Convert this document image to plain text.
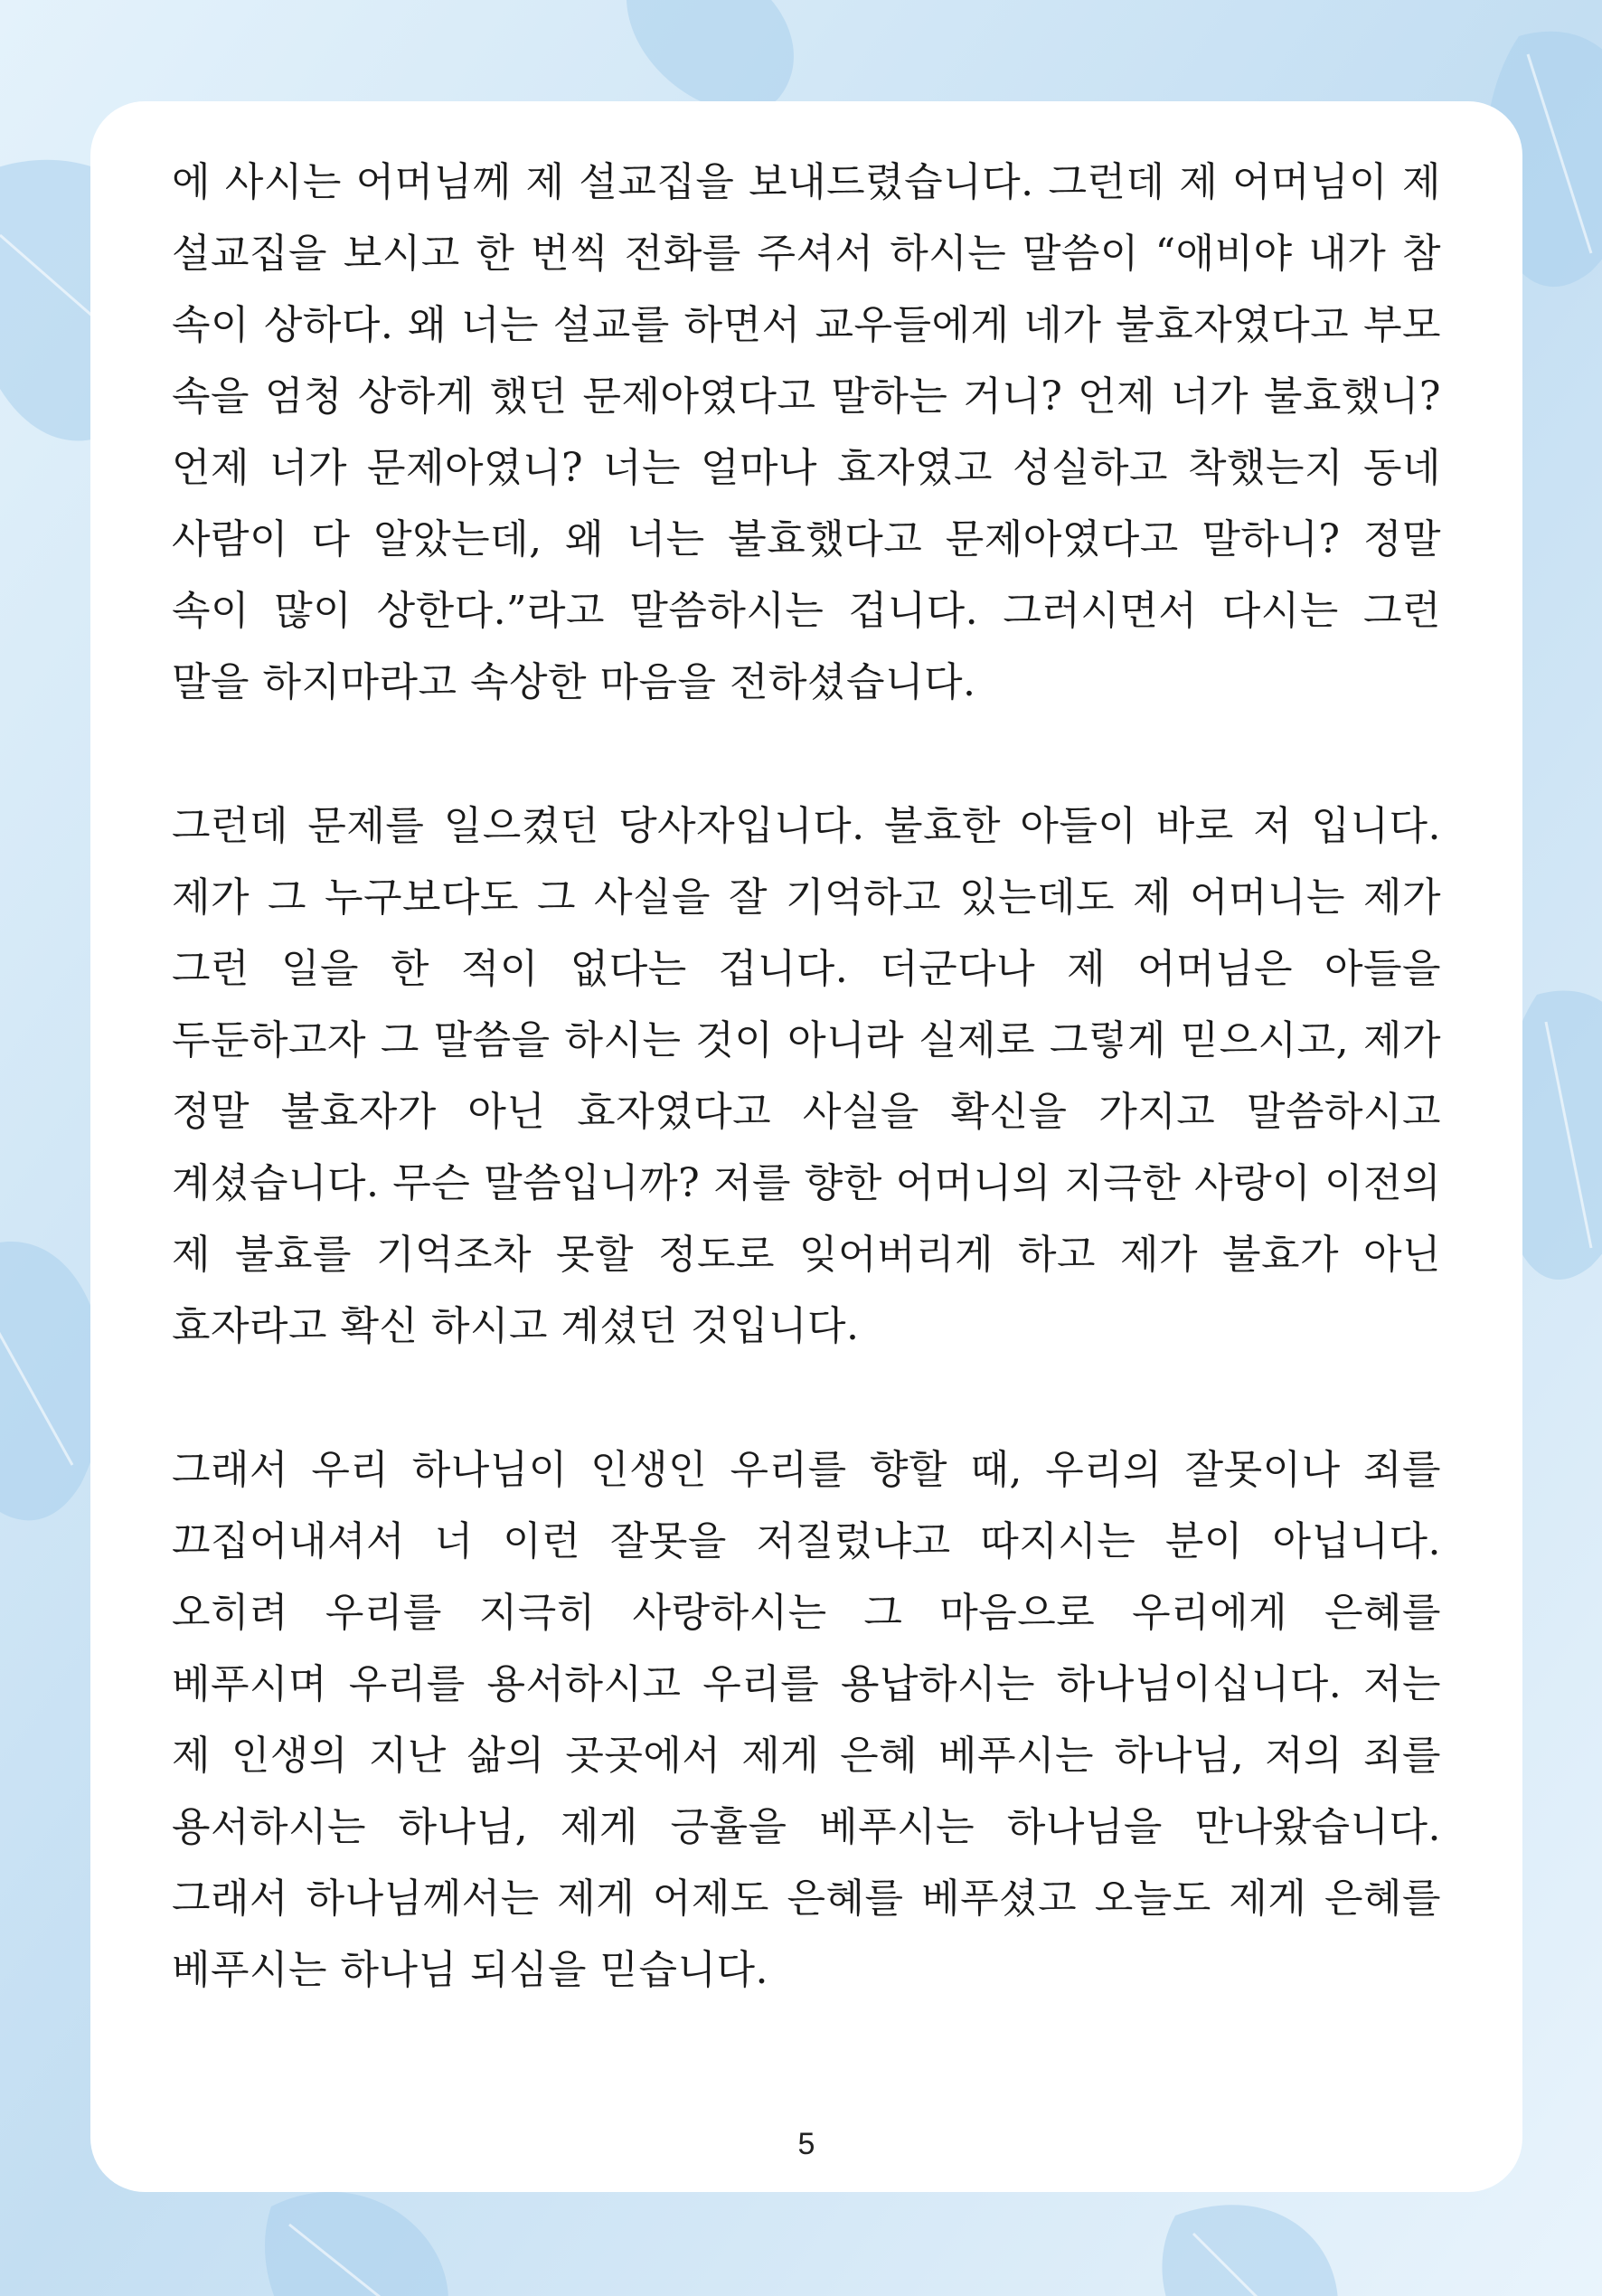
에 사시는 어머님께 제 설교집을 보내드렸습니다. 그런데 제 어머님이 제 설교집을 보시고 한 번씩 전화를 주셔서 하시는 말씀이 “애비야 내가 참 속이 상하다. 왜 너는 설교를 하면서 교우들에게 네가 불효자였다고 부모 속을 엄청 상하게 했던 문제아였다고 말하는 거니? 언제 너가 불효했니? 언제 너가 문제아였니? 너는 얼마나 효자였고 성실하고 착했는지 동네 사람이 다 알았는데, 왜 너는 불효했다고 문제아였다고 말하니? 정말 속이 많이 상한다.”라고 말씀하시는 겁니다. 그러시면서 다시는 그런 말을 하지마라고 속상한 마음을 전하셨습니다.

그런데 문제를 일으켰던 당사자입니다. 불효한 아들이 바로 저 입니다. 제가 그 누구보다도 그 사실을 잘 기억하고 있는데도 제 어머니는 제가 그런 일을 한 적이 없다는 겁니다. 더군다나 제 어머님은 아들을 두둔하고자 그 말씀을 하시는 것이 아니라 실제로 그렇게 믿으시고, 제가 정말 불효자가 아닌 효자였다고 사실을 확신을 가지고 말씀하시고 계셨습니다. 무슨 말씀입니까? 저를 향한 어머니의 지극한 사랑이 이전의 제 불효를 기억조차 못할 정도로 잊어버리게 하고 제가 불효가 아닌 효자라고 확신 하시고 계셨던 것입니다.

그래서 우리 하나님이 인생인 우리를 향할 때, 우리의 잘못이나 죄를 끄집어내셔서 너 이런 잘못을 저질렀냐고 따지시는 분이 아닙니다. 오히려 우리를 지극히 사랑하시는 그 마음으로 우리에게 은혜를 베푸시며 우리를 용서하시고 우리를 용납하시는 하나님이십니다. 저는 제 인생의 지난 삶의 곳곳에서 제게 은혜 베푸시는 하나님, 저의 죄를 용서하시는 하나님, 제게 긍휼을 베푸시는 하나님을 만나왔습니다. 그래서 하나님께서는 제게 어제도 은혜를 베푸셨고 오늘도 제게 은혜를 베푸시는 하나님 되심을 믿습니다.

5
